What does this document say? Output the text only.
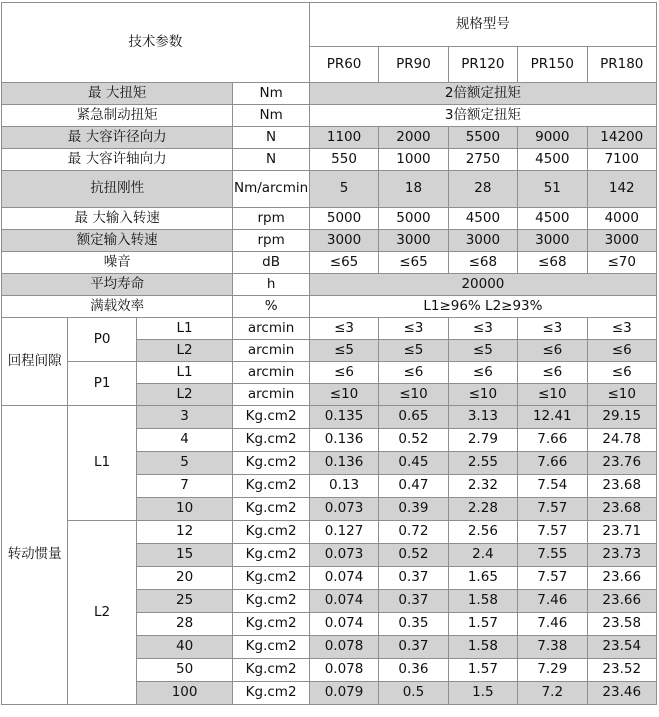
技术参数				规格型号				
				PR60	PR90	PR120	PR150	PR180
最 大扭矩			Nm	2倍额定扭矩				
紧急制动扭矩			Nm	3倍额定扭矩				
最 大容许径向力			N	1100	2000	5500	9000	14200
最 大容许轴向力			N	550	1000	2750	4500	7100
抗扭刚性			Nm/arcmin	5	18	28	51	142
最 大输入转速			rpm	5000	5000	4500	4500	4000
额定输入转速			rpm	3000	3000	3000	3000	3000
噪音			dB	≤65	≤65	≤68	≤68	≤70
平均寿命			h	20000				
满载效率			%	L1≥96% L2≥93%				
回程间隙	P0	L1	arcmin	≤3	≤3	≤3	≤3	≤3
		L2	arcmin	≤5	≤5	≤5	≤6	≤6
	P1	L1	arcmin	≤6	≤6	≤6	≤6	≤6
		L2	arcmin	≤10	≤10	≤10	≤10	≤10
转动惯量	L1	3	Kg.cm2	0.135	0.65	3.13	12.41	29.15
		4	Kg.cm2	0.136	0.52	2.79	7.66	24.78
		5	Kg.cm2	0.136	0.45	2.55	7.66	23.76
		7	Kg.cm2	0.13	0.47	2.32	7.54	23.68
		10	Kg.cm2	0.073	0.39	2.28	7.57	23.68
	L2	12	Kg.cm2	0.127	0.72	2.56	7.57	23.71
		15	Kg.cm2	0.073	0.52	2.4	7.55	23.73
		20	Kg.cm2	0.074	0.37	1.65	7.57	23.66
		25	Kg.cm2	0.074	0.37	1.58	7.46	23.66
		28	Kg.cm2	0.074	0.35	1.57	7.46	23.58
		40	Kg.cm2	0.078	0.37	1.58	7.38	23.54
		50	Kg.cm2	0.078	0.36	1.57	7.29	23.52
		100	Kg.cm2	0.079	0.5	1.5	7.2	23.46
